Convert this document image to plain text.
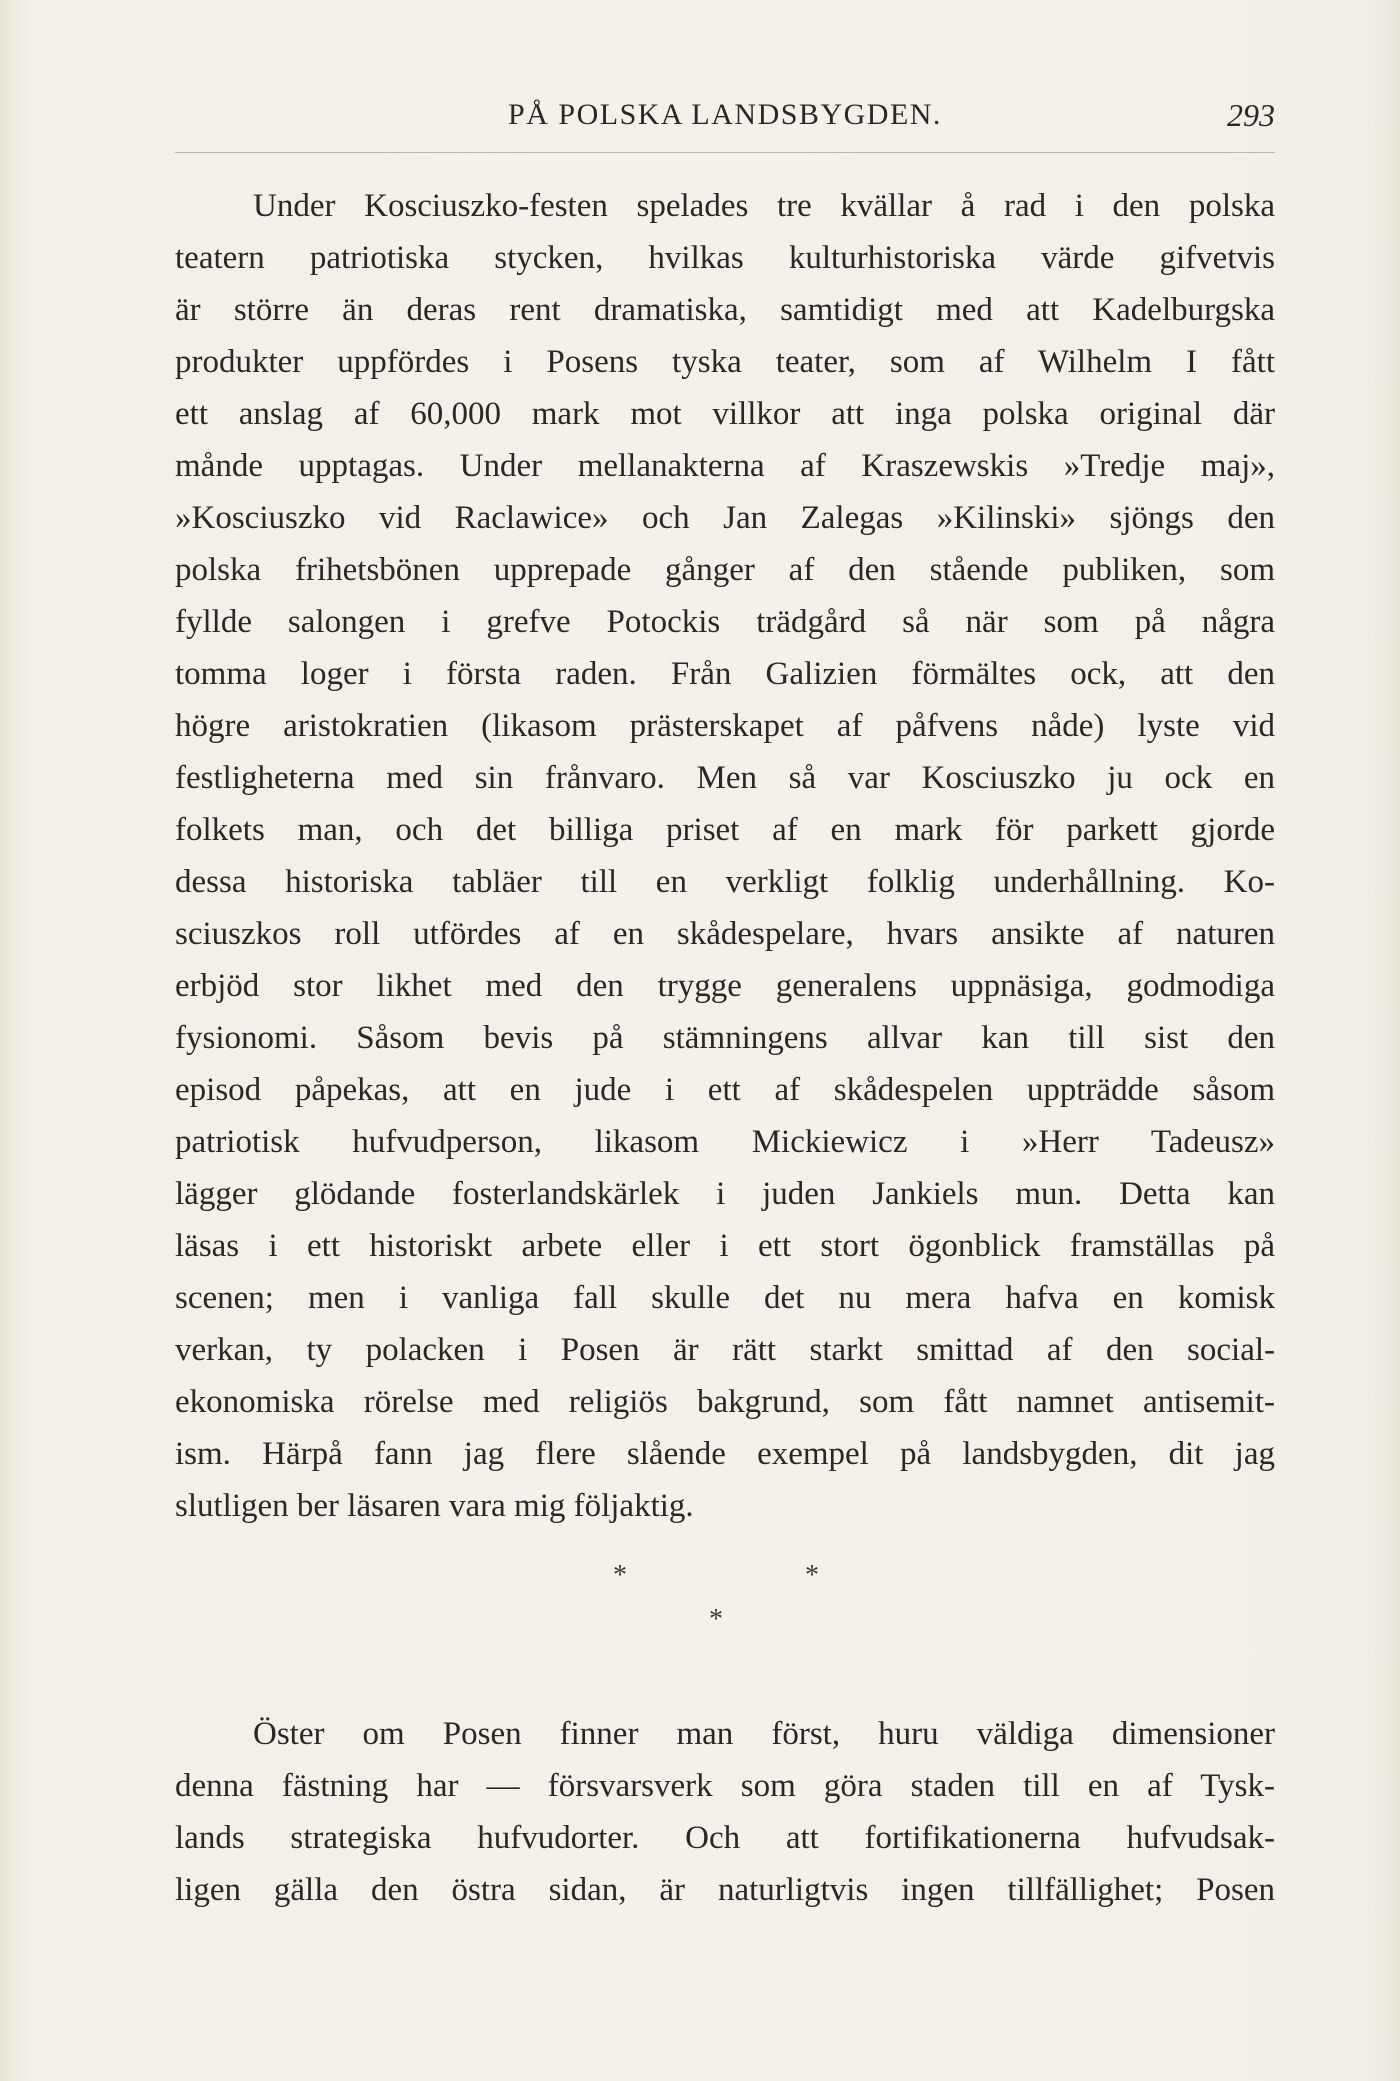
PÅ POLSKA LANDSBYGDEN.	293
Under Kosciuszko-festen spelades tre kvällar å rad i den polska
teatern patriotiska stycken, hvilkas kulturhistoriska värde gifvetvis
är större än deras rent dramatiska, samtidigt med att Kadelburgska
produkter uppfördes i Posens tyska teater, som af Wilhelm I fått
ett anslag af 60,000 mark mot villkor att inga polska original där
månde upptagas. Under mellanakterna af Kraszewskis »Tredje maj»,
»Kosciuszko vid Raclawice» och Jan Zalegas »Kilinski» sjöngs den
polska frihetsbönen upprepade gånger af den stående publiken, som
fyllde salongen i grefve Potockis trädgård så när som på några
tomma loger i första raden. Från Galizien förmältes ock, att den
högre aristokratien (likasom prästerskapet af påfvens nåde) lyste vid
festligheterna med sin frånvaro. Men så var Kosciuszko ju ock en
folkets man, och det billiga priset af en mark för parkett gjorde
dessa historiska tabläer till en verkligt folklig underhållning. Ko-
sciuszkos roll utfördes af en skådespelare, hvars ansikte af naturen
erbjöd stor likhet med den trygge generalens uppnäsiga, godmodiga
fysionomi. Såsom bevis på stämningens allvar kan till sist den
episod påpekas, att en jude i ett af skådespelen uppträdde såsom
patriotisk hufvudperson, likasom Mickiewicz i »Herr Tadeusz»
lägger glödande fosterlandskärlek i juden Jankiels mun. Detta kan
läsas i ett historiskt arbete eller i ett stort ögonblick framställas på
scenen; men i vanliga fall skulle det nu mera hafva en komisk
verkan, ty polacken i Posen är rätt starkt smittad af den social-
ekonomiska rörelse med religiös bakgrund, som fått namnet antisemit-
ism. Härpå fann jag flere slående exempel på landsbygden, dit jag
slutligen ber läsaren vara mig följaktig.
*	*
*
Öster om Posen finner man först, huru väldiga dimensioner
denna fästning har — försvarsverk som göra staden till en af Tysk-
lands strategiska hufvudorter. Och att fortifikationerna hufvudsak-
ligen gälla den östra sidan, är naturligtvis ingen tillfällighet; Posen
